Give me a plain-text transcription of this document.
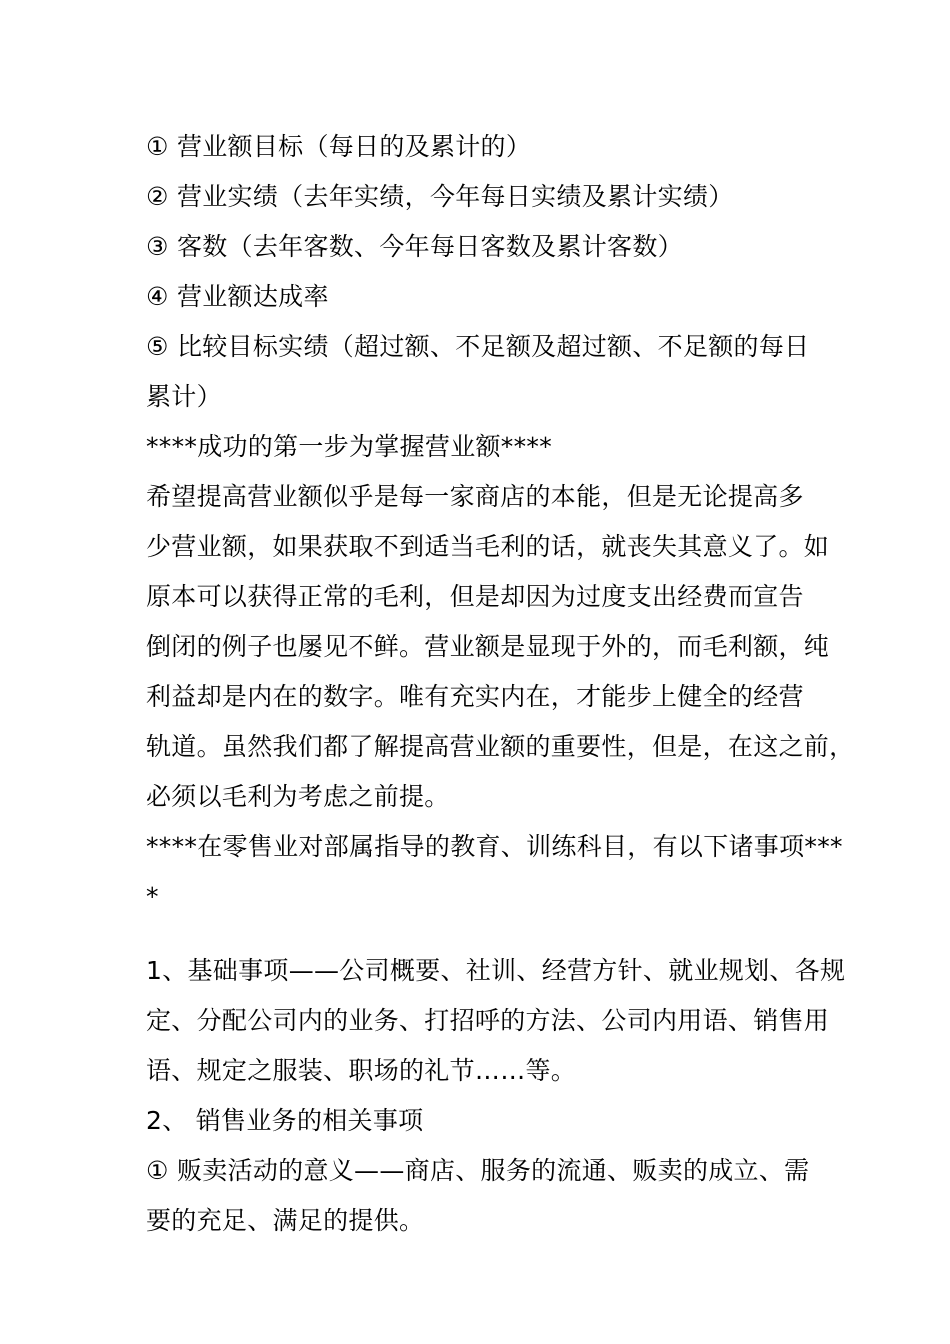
① 营业额目标（每日的及累计的）
② 营业实绩（去年实绩，今年每日实绩及累计实绩）
③ 客数（去年客数、今年每日客数及累计客数）
④ 营业额达成率
⑤ 比较目标实绩（超过额、不足额及超过额、不足额的每日
累计）
****成功的第一步为掌握营业额****
希望提高营业额似乎是每一家商店的本能，但是无论提高多
少营业额，如果获取不到适当毛利的话，就丧失其意义了。如
原本可以获得正常的毛利，但是却因为过度支出经费而宣告
倒闭的例子也屡见不鲜。营业额是显现于外的，而毛利额，纯
利益却是内在的数字。唯有充实内在，才能步上健全的经营
轨道。虽然我们都了解提高营业额的重要性，但是，在这之前，
必须以毛利为考虑之前提。
****在零售业对部属指导的教育、训练科目，有以下诸事项***
*
1、基础事项——公司概要、社训、经营方针、就业规划、各规
定、分配公司内的业务、打招呼的方法、公司内用语、销售用
语、规定之服装、职场的礼节……等。
2、 销售业务的相关事项
① 贩卖活动的意义——商店、服务的流通、贩卖的成立、需
要的充足、满足的提供。
